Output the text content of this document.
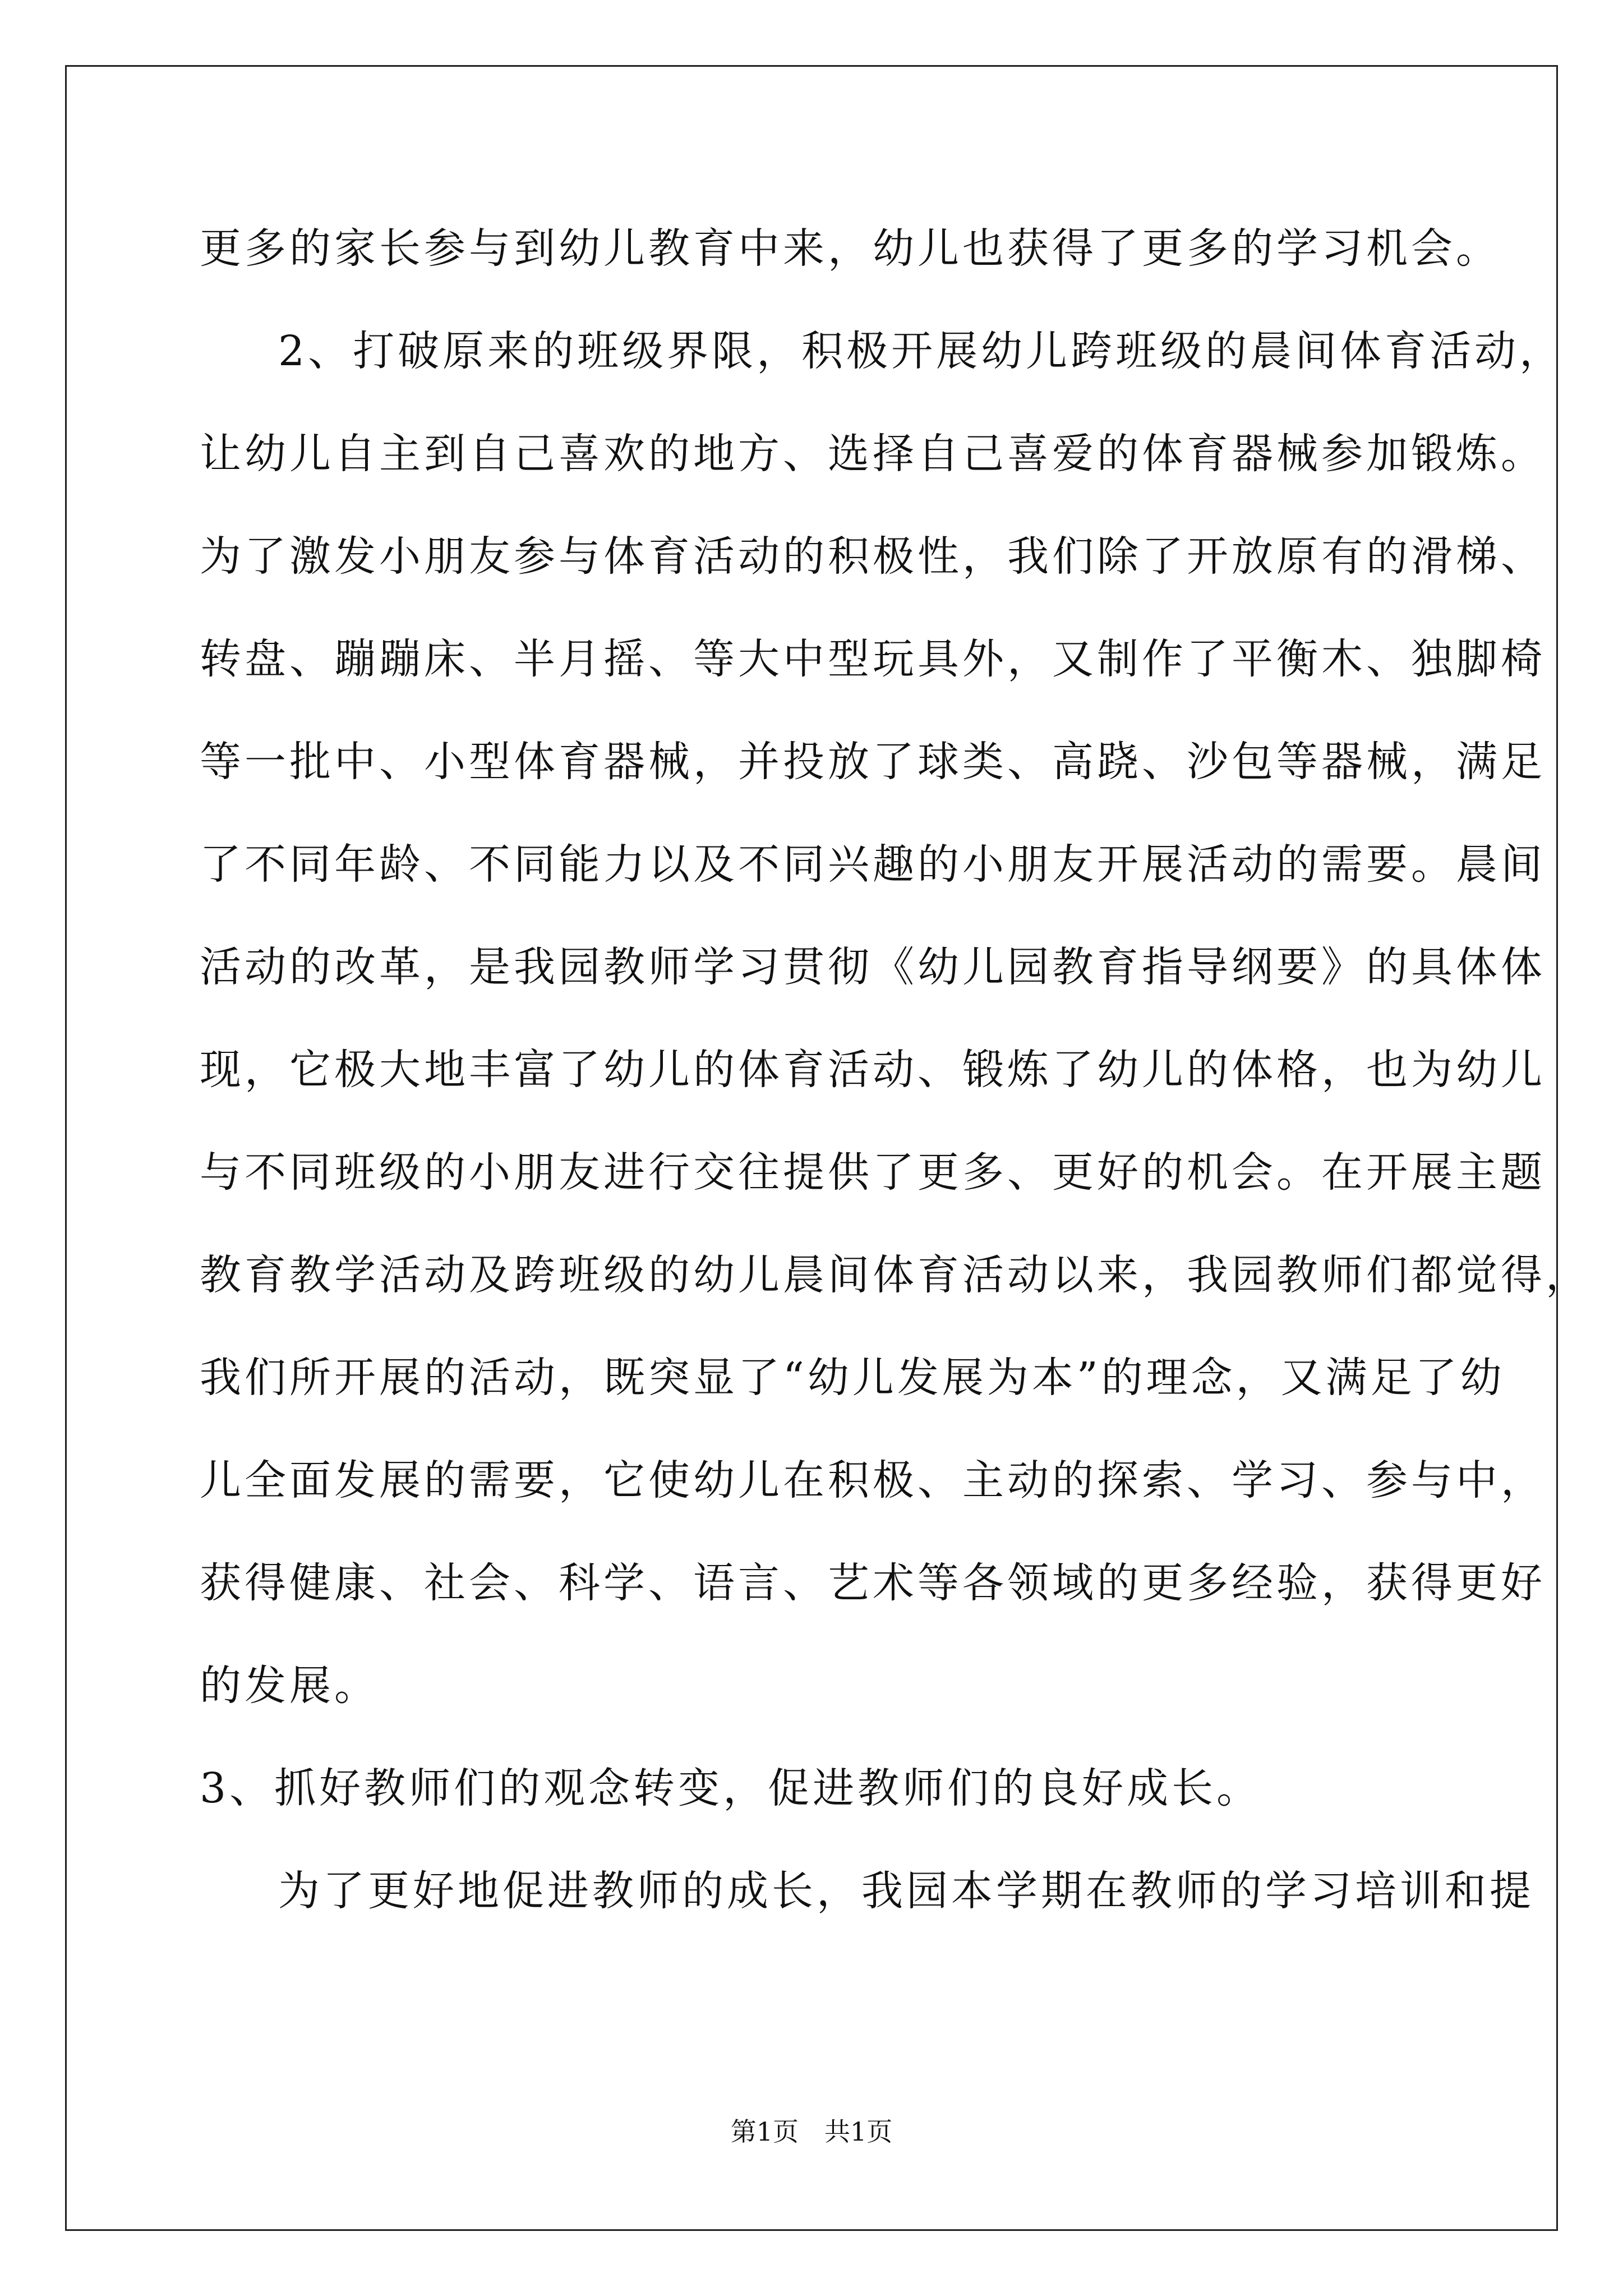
更多的家长参与到幼儿教育中来，幼儿也获得了更多的学习机会。
2、打破原来的班级界限，积极开展幼儿跨班级的晨间体育活动，
让幼儿自主到自己喜欢的地方、选择自己喜爱的体育器械参加锻炼。
为了激发小朋友参与体育活动的积极性，我们除了开放原有的滑梯、
转盘、蹦蹦床、半月摇、等大中型玩具外，又制作了平衡木、独脚椅
等一批中、小型体育器械，并投放了球类、高跷、沙包等器械，满足
了不同年龄、不同能力以及不同兴趣的小朋友开展活动的需要。晨间
活动的改革，是我园教师学习贯彻《幼儿园教育指导纲要》的具体体
现，它极大地丰富了幼儿的体育活动、锻炼了幼儿的体格，也为幼儿
与不同班级的小朋友进行交往提供了更多、更好的机会。在开展主题
教育教学活动及跨班级的幼儿晨间体育活动以来，我园教师们都觉得，
我们所开展的活动，既突显了“幼儿发展为本”的理念，又满足了幼
儿全面发展的需要，它使幼儿在积极、主动的探索、学习、参与中，
获得健康、社会、科学、语言、艺术等各领域的更多经验，获得更好
的发展。
3、抓好教师们的观念转变，促进教师们的良好成长。
为了更好地促进教师的成长，我园本学期在教师的学习培训和提
第1页　共1页
